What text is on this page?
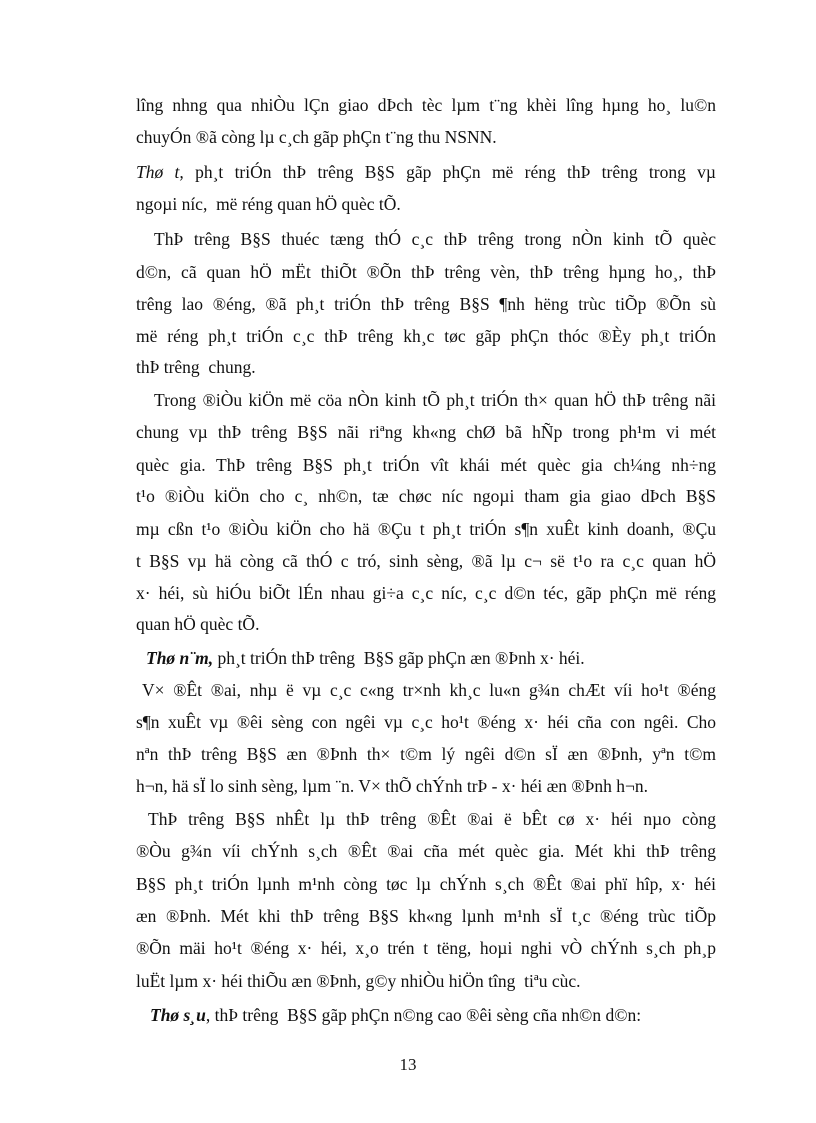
lîng nhng qua nhiÒu lÇn giao dÞch tèc lµm t¨ng khèi lîng hµng ho¸ lu©n
chuyÓn ®ã còng lµ c¸ch gãp phÇn t¨ng thu NSNN.
Thø t, ph¸t triÓn thÞ trêng B§S gãp phÇn më réng thÞ trêng trong vµ
ngoµi níc,  më réng quan hÖ quèc tÕ.
ThÞ trêng B§S thuéc tæng thÓ c¸c thÞ trêng trong nÒn kinh tÕ quèc
d©n, cã quan hÖ mËt thiÕt ®Õn thÞ trêng vèn, thÞ trêng hµng ho¸, thÞ
trêng lao ®éng, ®ã ph¸t triÓn thÞ trêng B§S ¶nh hëng trùc tiÕp ®Õn sù
më réng ph¸t triÓn c¸c thÞ trêng kh¸c tøc gãp phÇn thóc ®Èy ph¸t triÓn
thÞ trêng  chung.
Trong ®iÒu kiÖn më cöa nÒn kinh tÕ ph¸t triÓn th× quan hÖ thÞ trêng nãi
chung vµ thÞ trêng B§S nãi riªng kh«ng chØ bã hÑp trong ph¹m vi mét
quèc gia. ThÞ trêng B§S ph¸t triÓn vît khái mét quèc gia ch¼ng nh÷ng
t¹o ®iÒu kiÖn cho c¸ nh©n, tæ chøc níc ngoµi tham gia giao dÞch B§S
mµ cßn t¹o ®iÒu kiÖn cho hä ®Çu t ph¸t triÓn s¶n xuÊt kinh doanh, ®Çu
t B§S vµ hä còng cã thÓ c tró, sinh sèng, ®ã lµ c¬ së t¹o ra c¸c quan hÖ
x· héi, sù hiÓu biÕt lÉn nhau gi÷a c¸c níc, c¸c d©n téc, gãp phÇn më réng
quan hÖ quèc tÕ.
Thø n¨m, ph¸t triÓn thÞ trêng  B§S gãp phÇn æn ®Þnh x· héi.
V× ®Êt ®ai, nhµ ë vµ c¸c c«ng tr×nh kh¸c lu«n g¾n chÆt víi ho¹t ®éng
s¶n xuÊt vµ ®êi sèng con ngêi vµ c¸c ho¹t ®éng x· héi cña con ngêi. Cho
nªn thÞ trêng B§S æn ®Þnh th× t©m lý ngêi d©n sÏ æn ®Þnh, yªn t©m
h¬n, hä sÏ lo sinh sèng, lµm ¨n. V× thÕ chÝnh trÞ - x· héi æn ®Þnh h¬n.
ThÞ trêng B§S nhÊt lµ thÞ trêng ®Êt ®ai ë bÊt cø x· héi nµo còng
®Òu g¾n víi chÝnh s¸ch ®Êt ®ai cña mét quèc gia. Mét khi thÞ trêng
B§S ph¸t triÓn lµnh m¹nh còng tøc lµ chÝnh s¸ch ®Êt ®ai phï hîp, x· héi
æn ®Þnh. Mét khi thÞ trêng B§S kh«ng lµnh m¹nh sÏ t¸c ®éng trùc tiÕp
®Õn mäi ho¹t ®éng x· héi, x¸o trén t tëng, hoµi nghi vÒ chÝnh s¸ch ph¸p
luËt lµm x· héi thiÕu æn ®Þnh, g©y nhiÒu hiÖn tîng  tiªu cùc.
Thø s¸u, thÞ trêng  B§S gãp phÇn n©ng cao ®êi sèng cña nh©n d©n:
13
